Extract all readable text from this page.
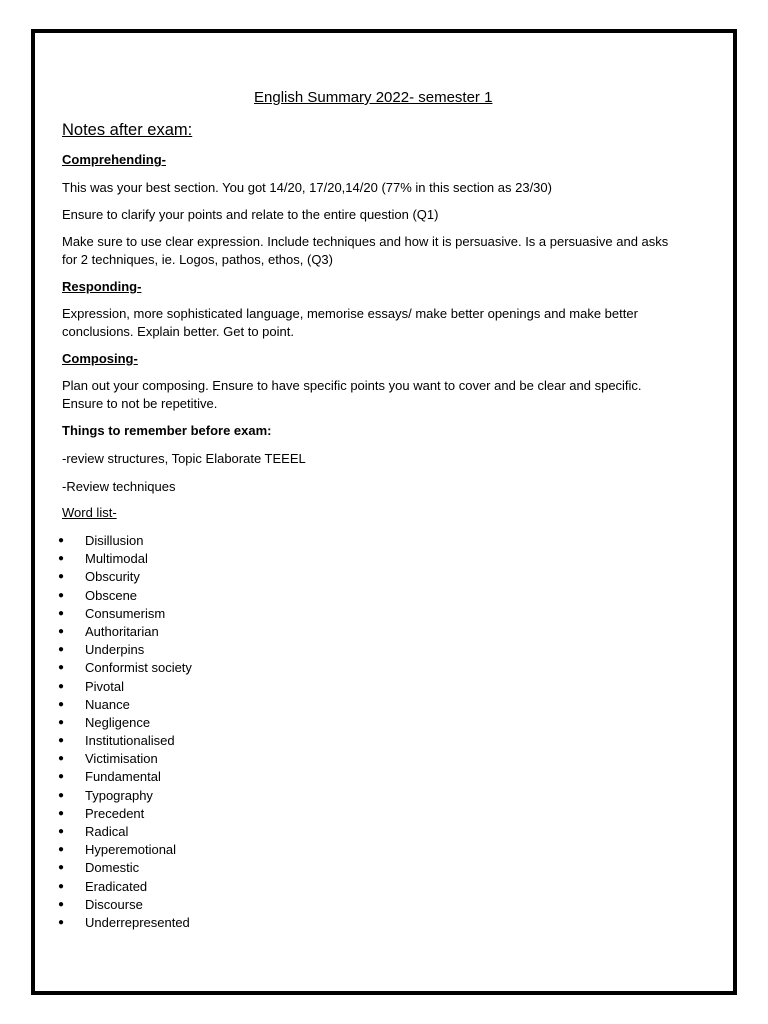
English Summary 2022- semester 1
Notes after exam:
Comprehending-
This was your best section. You got 14/20, 17/20,14/20 (77% in this section as 23/30)
Ensure to clarify your points and relate to the entire question (Q1)
Make sure to use clear expression. Include techniques and how it is persuasive. Is a persuasive and asks for 2 techniques, ie. Logos, pathos, ethos, (Q3)
Responding-
Expression, more sophisticated language, memorise essays/ make better openings and make better conclusions. Explain better. Get to point.
Composing-
Plan out your composing. Ensure to have specific points you want to cover and be clear and specific. Ensure to not be repetitive.
Things to remember before exam:
-review structures, Topic Elaborate TEEEL
-Review techniques
Word list-
● Disillusion
● Multimodal
● Obscurity
● Obscene
● Consumerism
● Authoritarian
● Underpins
● Conformist society
● Pivotal
● Nuance
● Negligence
● Institutionalised
● Victimisation
● Fundamental
● Typography
● Precedent
● Radical
● Hyperemotional
● Domestic
● Eradicated
● Discourse
● Underrepresented
